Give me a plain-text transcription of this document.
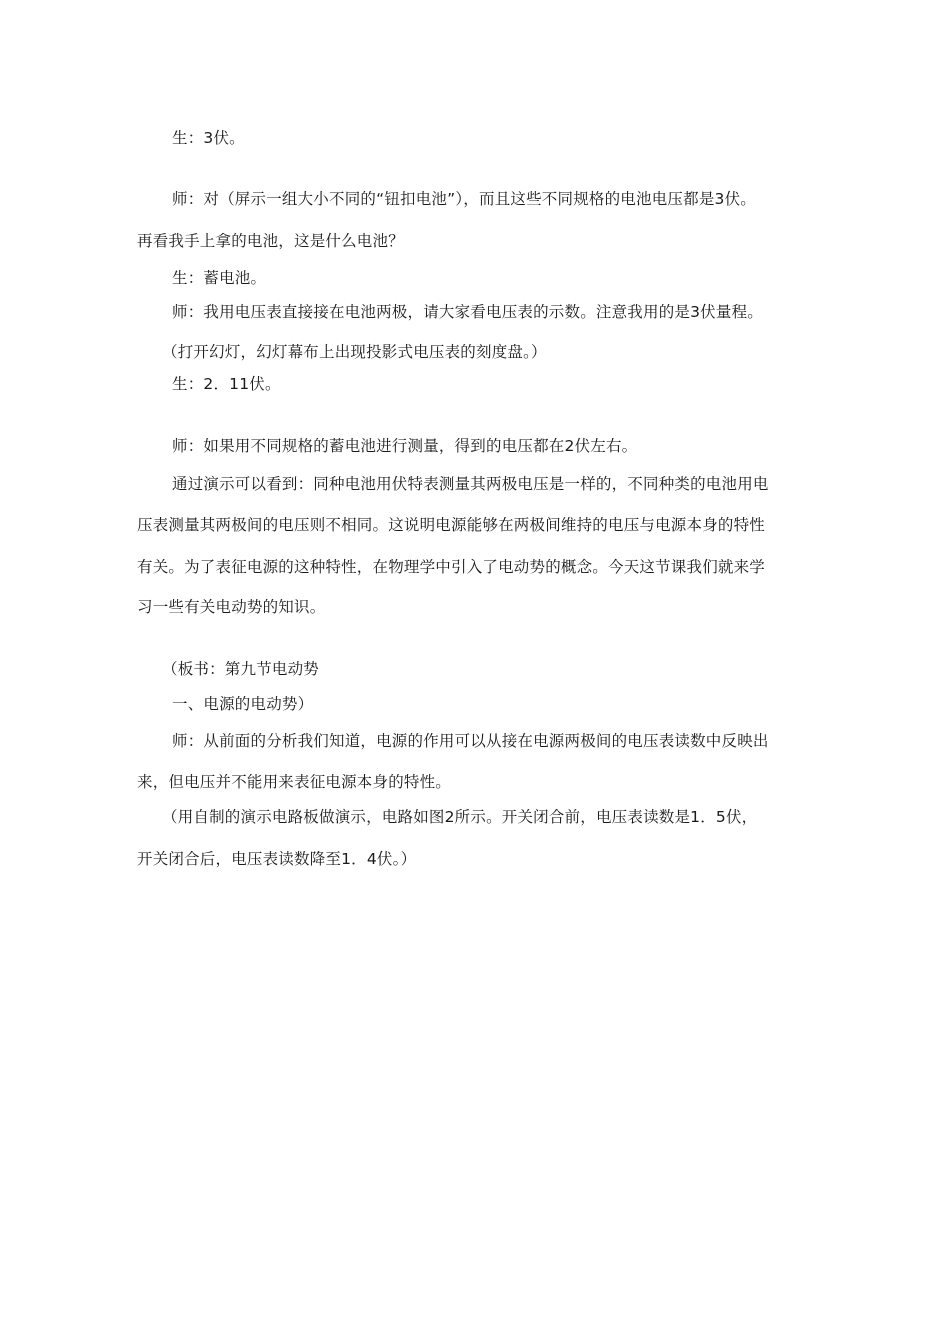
生：3伏。
师：对（屏示一组大小不同的“钮扣电池”），而且这些不同规格的电池电压都是3伏。
再看我手上拿的电池，这是什么电池？
生：蓄电池。
师：我用电压表直接接在电池两极，请大家看电压表的示数。注意我用的是3伏量程。
（打开幻灯，幻灯幕布上出现投影式电压表的刻度盘。）
生：2．11伏。
师：如果用不同规格的蓄电池进行测量，得到的电压都在2伏左右。
通过演示可以看到：同种电池用伏特表测量其两极电压是一样的，不同种类的电池用电
压表测量其两极间的电压则不相同。这说明电源能够在两极间维持的电压与电源本身的特性
有关。为了表征电源的这种特性，在物理学中引入了电动势的概念。今天这节课我们就来学
习一些有关电动势的知识。
（板书：第九节电动势
一、电源的电动势）
师：从前面的分析我们知道，电源的作用可以从接在电源两极间的电压表读数中反映出
来，但电压并不能用来表征电源本身的特性。
（用自制的演示电路板做演示，电路如图2所示。开关闭合前，电压表读数是1．5伏，
开关闭合后，电压表读数降至1．4伏。）
